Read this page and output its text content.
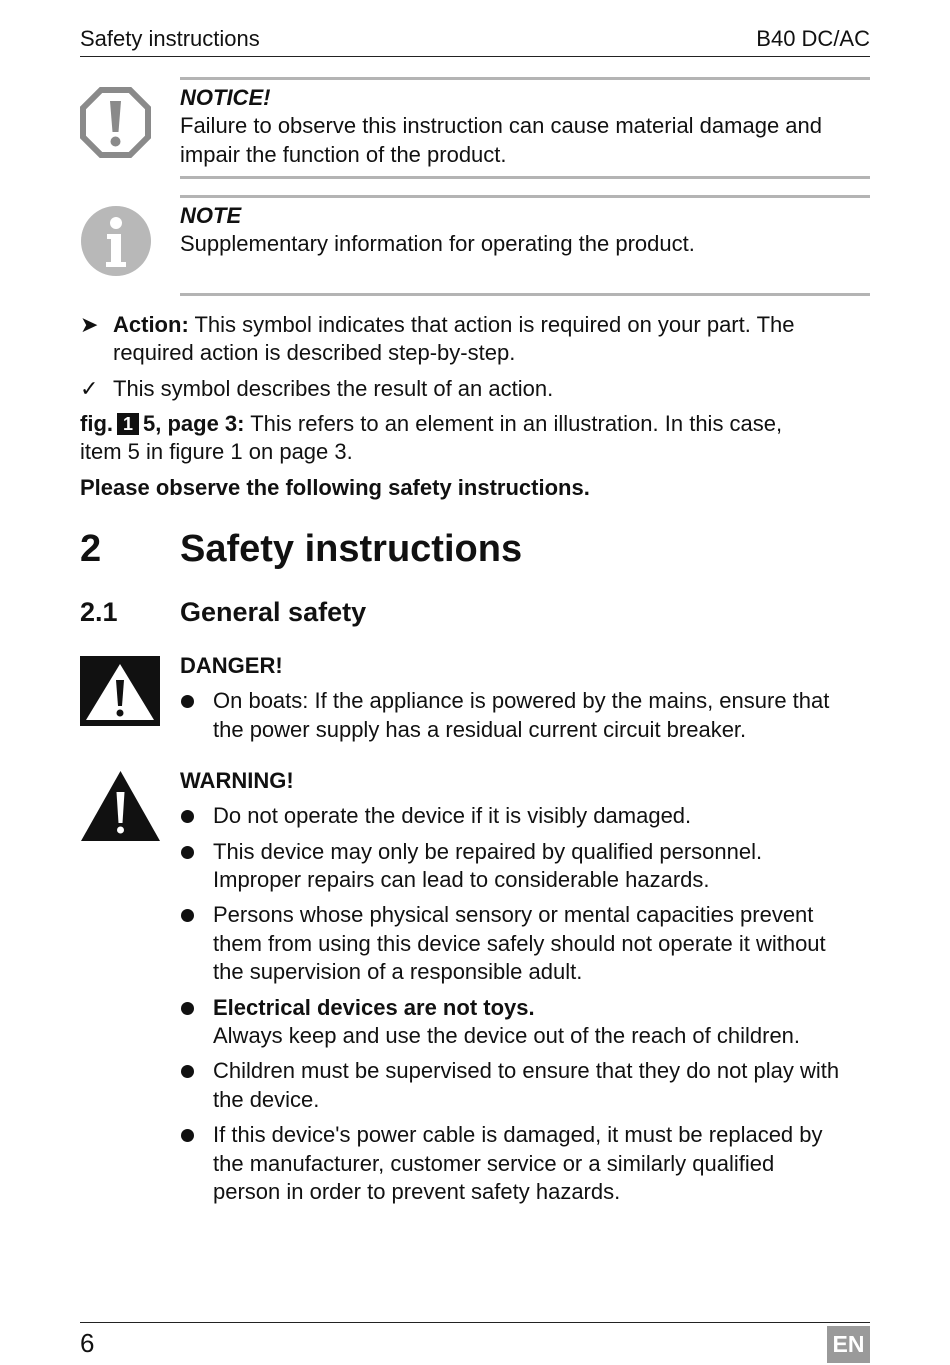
Safety instructions	B40 DC/AC
NOTICE!
Failure to observe this instruction can cause material damage and
impair the function of the product.
NOTE
Supplementary information for operating the product.
➤ Action: This symbol indicates that action is required on your part. The
required action is described step-by-step.
✓ This symbol describes the result of an action.
fig. 1 5, page 3: This refers to an element in an illustration. In this case,
item 5 in figure 1 on page 3.
Please observe the following safety instructions.
2 Safety instructions
2.1 General safety
DANGER!
On boats: If the appliance is powered by the mains, ensure that
the power supply has a residual current circuit breaker.
WARNING!
Do not operate the device if it is visibly damaged.
This device may only be repaired by qualified personnel.
Improper repairs can lead to considerable hazards.
Persons whose physical sensory or mental capacities prevent
them from using this device safely should not operate it without
the supervision of a responsible adult.
Electrical devices are not toys.
Always keep and use the device out of the reach of children.
Children must be supervised to ensure that they do not play with
the device.
If this device's power cable is damaged, it must be replaced by
the manufacturer, customer service or a similarly qualified
person in order to prevent safety hazards.
6	EN
